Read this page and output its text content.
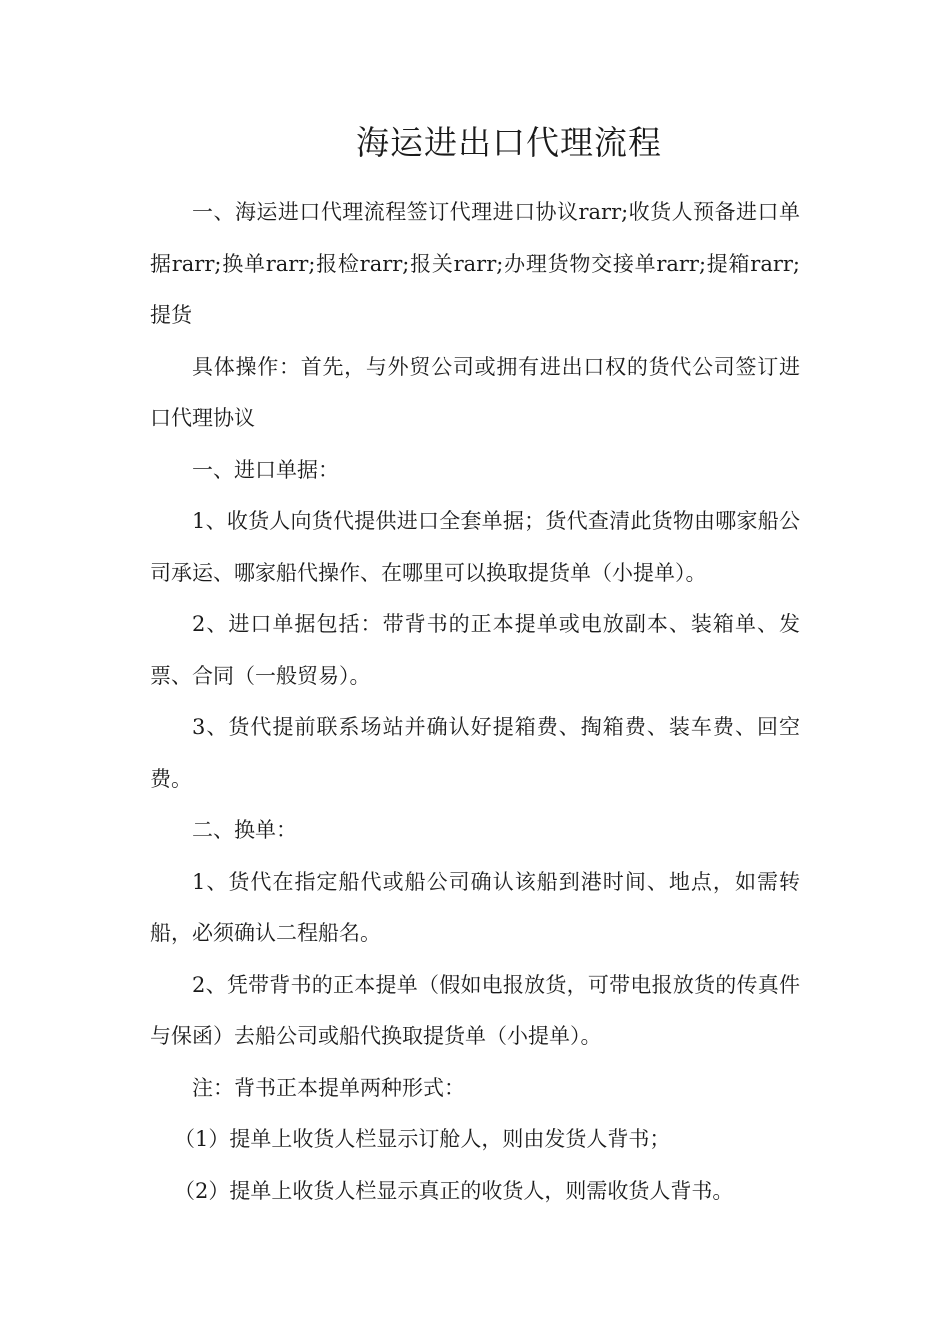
海运进出口代理流程

一、海运进口代理流程签订代理进口协议rarr;收货人预备进口单据rarr;换单rarr;报检rarr;报关rarr;办理货物交接单rarr;提箱rarr;提货

具体操作：首先，与外贸公司或拥有进出口权的货代公司签订进口代理协议

一、进口单据：

1、收货人向货代提供进口全套单据；货代查清此货物由哪家船公司承运、哪家船代操作、在哪里可以换取提货单（小提单）。

2、进口单据包括：带背书的正本提单或电放副本、装箱单、发票、合同（一般贸易）。

3、货代提前联系场站并确认好提箱费、掏箱费、装车费、回空费。

二、换单：

1、货代在指定船代或船公司确认该船到港时间、地点，如需转船，必须确认二程船名。

2、凭带背书的正本提单（假如电报放货，可带电报放货的传真件与保函）去船公司或船代换取提货单（小提单）。

注：背书正本提单两种形式：

（1）提单上收货人栏显示订舱人，则由发货人背书；

（2）提单上收货人栏显示真正的收货人，则需收货人背书。
